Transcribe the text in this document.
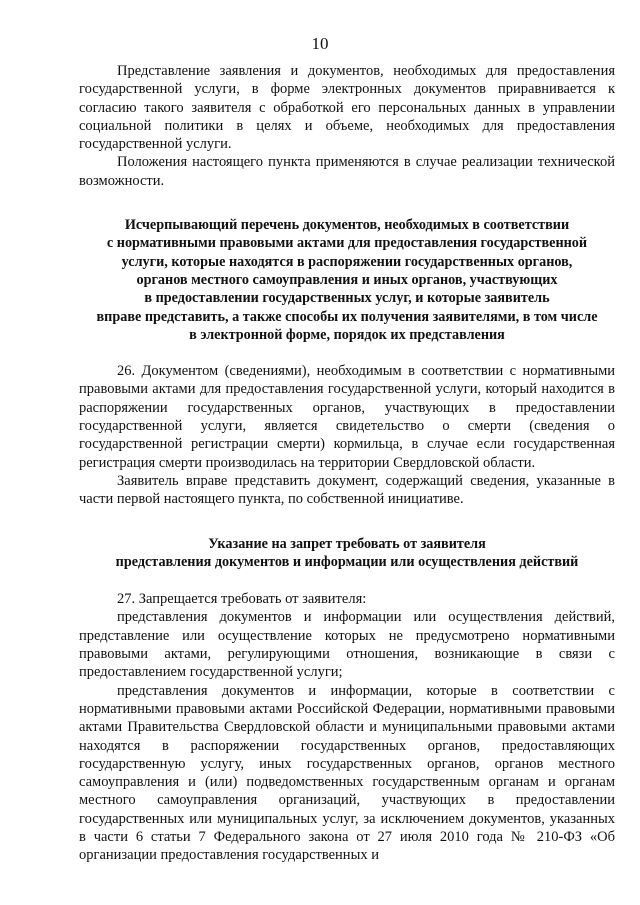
10

Представление заявления и документов, необходимых для предоставления государственной услуги, в форме электронных документов приравнивается к согласию такого заявителя с обработкой его персональных данных в управлении социальной политики в целях и объеме, необходимых для предоставления государственной услуги.

Положения настоящего пункта применяются в случае реализации технической возможности.

Исчерпывающий перечень документов, необходимых в соответствии
с нормативными правовыми актами для предоставления государственной
услуги, которые находятся в распоряжении государственных органов,
органов местного самоуправления и иных органов, участвующих
в предоставлении государственных услуг, и которые заявитель
вправе представить, а также способы их получения заявителями, в том числе
в электронной форме, порядок их представления

26. Документом (сведениями), необходимым в соответствии с нормативными правовыми актами для предоставления государственной услуги, который находится в распоряжении государственных органов, участвующих в предоставлении государственной услуги, является свидетельство о смерти (сведения о государственной регистрации смерти) кормильца, в случае если государственная регистрация смерти производилась на территории Свердловской области.

Заявитель вправе представить документ, содержащий сведения, указанные в части первой настоящего пункта, по собственной инициативе.

Указание на запрет требовать от заявителя
представления документов и информации или осуществления действий

27. Запрещается требовать от заявителя:

представления документов и информации или осуществления действий, представление или осуществление которых не предусмотрено нормативными правовыми актами, регулирующими отношения, возникающие в связи с предоставлением государственной услуги;

представления документов и информации, которые в соответствии с нормативными правовыми актами Российской Федерации, нормативными правовыми актами Правительства Свердловской области и муниципальными правовыми актами находятся в распоряжении государственных органов, предоставляющих государственную услугу, иных государственных органов, органов местного самоуправления и (или) подведомственных государственным органам и органам местного самоуправления организаций, участвующих в предоставлении государственных или муниципальных услуг, за исключением документов, указанных в части 6 статьи 7 Федерального закона от 27 июля 2010 года № 210-ФЗ «Об организации предоставления государственных и
